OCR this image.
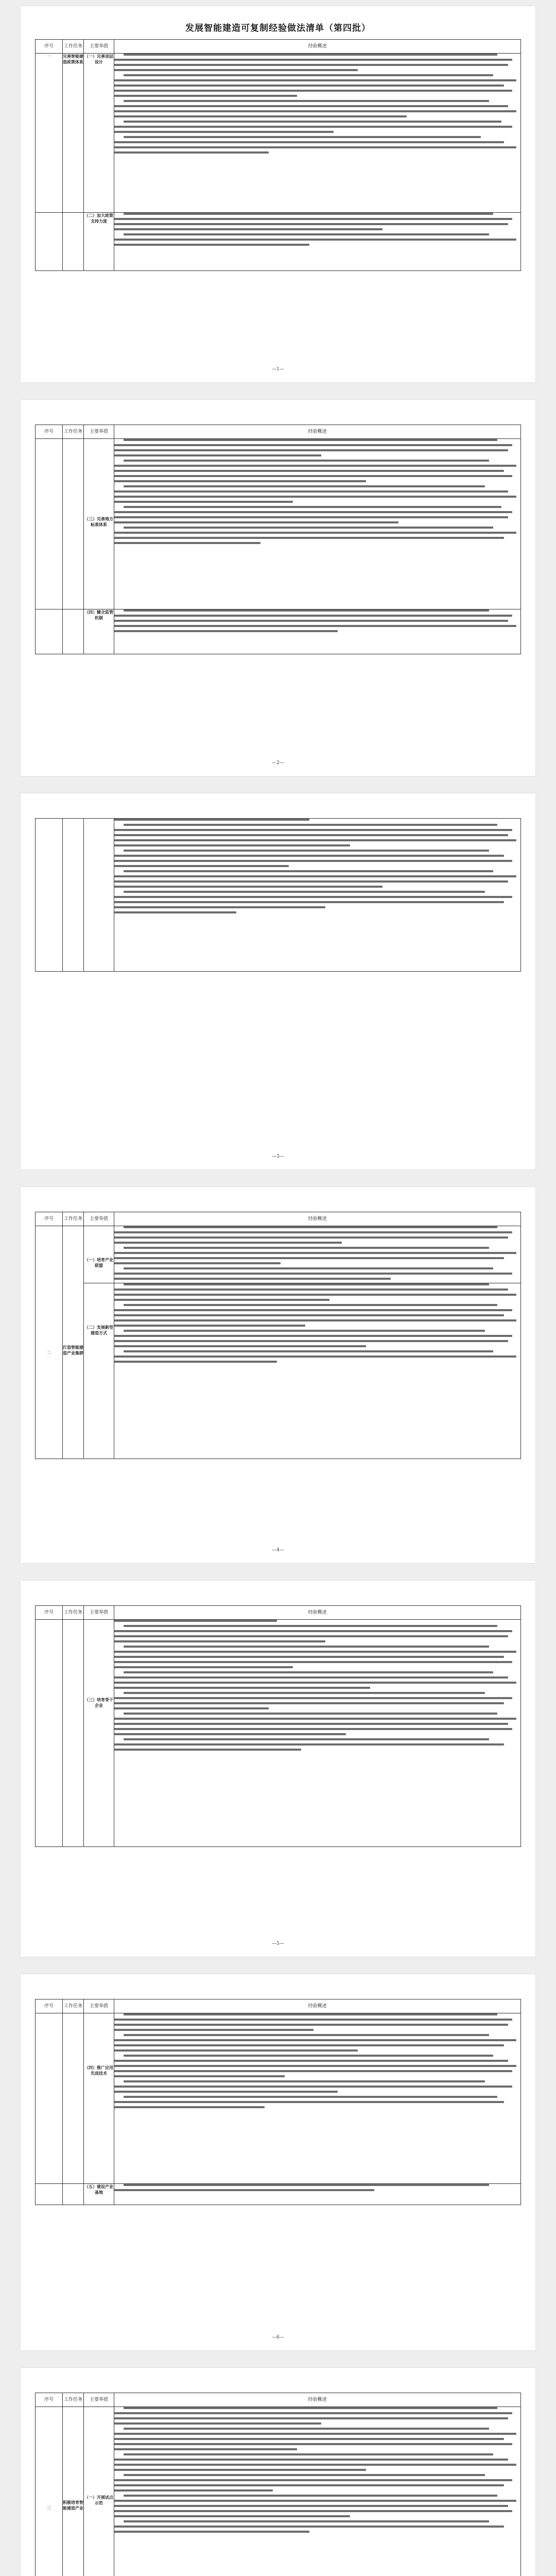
发展智能建造可复制经验做法清单（第四批）
序号	工作任务	主要举措	经验概述
一	完善智能建造政策体系	（一）完善顶层设计	

		（二）加大政策支持力度	
—1—
序号	工作任务	主要举措	经验概述
		（三）完善地方标准体系	

		（四）健全监管机制	
—2—

—3—
序号	工作任务	主要举措	经验概述
二	打造智能建造产业集群	（一）培育产业联盟	

		（二）发展新型建造方式	
—4—
序号	工作任务	主要举措	经验概述
		（三）培育骨干企业	
—5—
序号	工作任务	主要举措	经验概述
		（四）推广应用先进技术	

		（五）建设产业基地	
—6—
序号	工作任务	主要举措	经验概述
三	积极培育智能建造产业	（一）开展试点示范	
